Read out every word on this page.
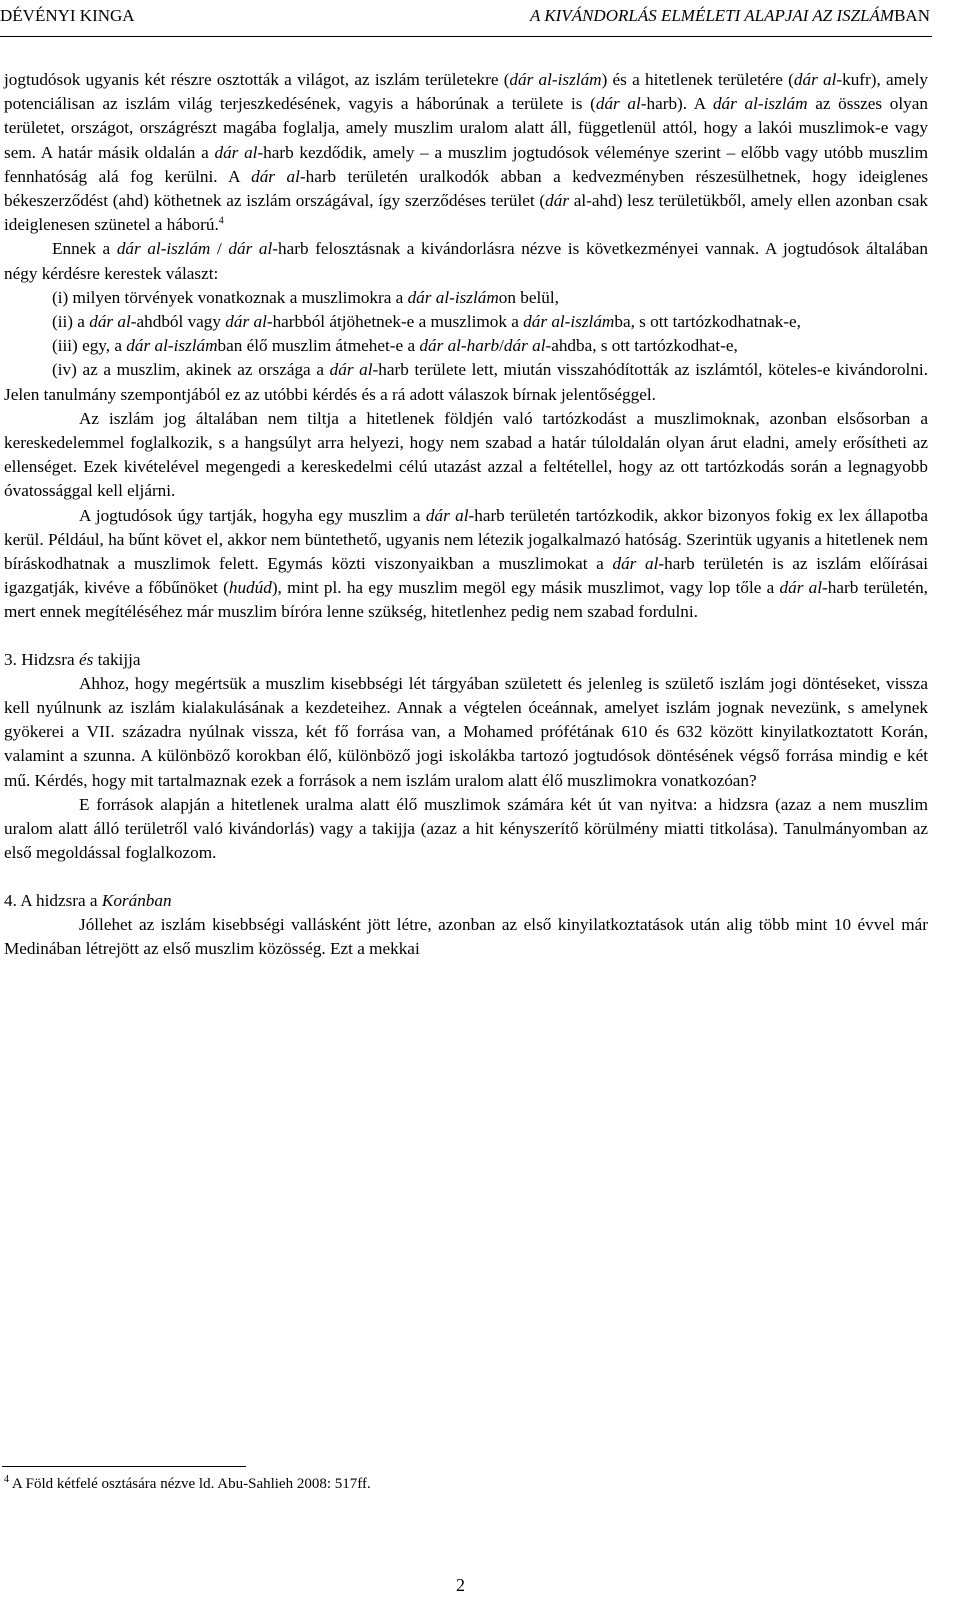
DÉVÉNYI KINGA	A KIVÁNDORLÁS ELMÉLETI ALAPJAI AZ ISZLÁMBAN

jogtudósok ugyanis két részre osztották a világot, az iszlám területekre (dár al-iszlám) és a hitetlenek területére (dár al-kufr), amely potenciálisan az iszlám világ terjeszkedésének, vagyis a háborúnak a területe is (dár al-harb). A dár al-iszlám az összes olyan területet, országot, országrészt magába foglalja, amely muszlim uralom alatt áll, függetlenül attól, hogy a lakói muszlimok-e vagy sem. A határ másik oldalán a dár al-harb kezdődik, amely – a muszlim jogtudósok véleménye szerint – előbb vagy utóbb muszlim fennhatóság alá fog kerülni. A dár al-harb területén uralkodók abban a kedvezményben részesülhetnek, hogy ideiglenes békeszerződést (ahd) köthetnek az iszlám országával, így szerződéses terület (dár al-ahd) lesz területükből, amely ellen azonban csak ideiglenesen szünetel a háború.$^4$

Ennek a dár al-iszlám / dár al-harb felosztásnak a kivándorlásra nézve is következményei vannak. A jogtudósok általában négy kérdésre kerestek választ:

(i) milyen törvények vonatkoznak a muszlimokra a dár al-iszlámon belül,

(ii) a dár al-ahdból vagy dár al-harbból átjöhetnek-e a muszlimok a dár al-iszlámba, s ott tartózkodhatnak-e,

(iii) egy, a dár al-iszlámban élő muszlim átmehet-e a dár al-harb/dár al-ahdba, s ott tartózkodhat-e,

(iv) az a muszlim, akinek az országa a dár al-harb területe lett, miután visszahódították az iszlámtól, köteles-e kivándorolni. Jelen tanulmány szempontjából ez az utóbbi kérdés és a rá adott válaszok bírnak jelentőséggel.

Az iszlám jog általában nem tiltja a hitetlenek földjén való tartózkodást a muszlimoknak, azonban elsősorban a kereskedelemmel foglalkozik, s a hangsúlyt arra helyezi, hogy nem szabad a határ túloldalán olyan árut eladni, amely erősítheti az ellenséget. Ezek kivételével megengedi a kereskedelmi célú utazást azzal a feltétellel, hogy az ott tartózkodás során a legnagyobb óvatossággal kell eljárni.

A jogtudósok úgy tartják, hogyha egy muszlim a dár al-harb területén tartózkodik, akkor bizonyos fokig ex lex állapotba kerül. Például, ha bűnt követ el, akkor nem büntethető, ugyanis nem létezik jogalkalmazó hatóság. Szerintük ugyanis a hitetlenek nem bíráskodhatnak a muszlimok felett. Egymás közti viszonyaikban a muszlimokat a dár al-harb területén is az iszlám előírásai igazgatják, kivéve a főbűnöket (hudúd), mint pl. ha egy muszlim megöl egy másik muszlimot, vagy lop tőle a dár al-harb területén, mert ennek megítéléséhez már muszlim bíróra lenne szükség, hitetlenhez pedig nem szabad fordulni.

3. Hidzsra és takijja

Ahhoz, hogy megértsük a muszlim kisebbségi lét tárgyában született és jelenleg is születő iszlám jogi döntéseket, vissza kell nyúlnunk az iszlám kialakulásának a kezdeteihez. Annak a végtelen óceánnak, amelyet iszlám jognak nevezünk, s amelynek gyökerei a VII. századra nyúlnak vissza, két fő forrása van, a Mohamed prófétának 610 és 632 között kinyilatkoztatott Korán, valamint a szunna. A különböző korokban élő, különböző jogi iskolákba tartozó jogtudósok döntésének végső forrása mindig e két mű. Kérdés, hogy mit tartalmaznak ezek a források a nem iszlám uralom alatt élő muszlimokra vonatkozóan?

E források alapján a hitetlenek uralma alatt élő muszlimok számára két út van nyitva: a hidzsra (azaz a nem muszlim uralom alatt álló területről való kivándorlás) vagy a takijja (azaz a hit kényszerítő körülmény miatti titkolása). Tanulmányomban az első megoldással foglalkozom.

4. A hidzsra a Koránban

Jóllehet az iszlám kisebbségi vallásként jött létre, azonban az első kinyilatkoztatások után alig több mint 10 évvel már Medinában létrejött az első muszlim közösség. Ezt a mekkai

$^4$ A Föld kétfelé osztására nézve ld. Abu-Sahlieh 2008: 517ff.
2
